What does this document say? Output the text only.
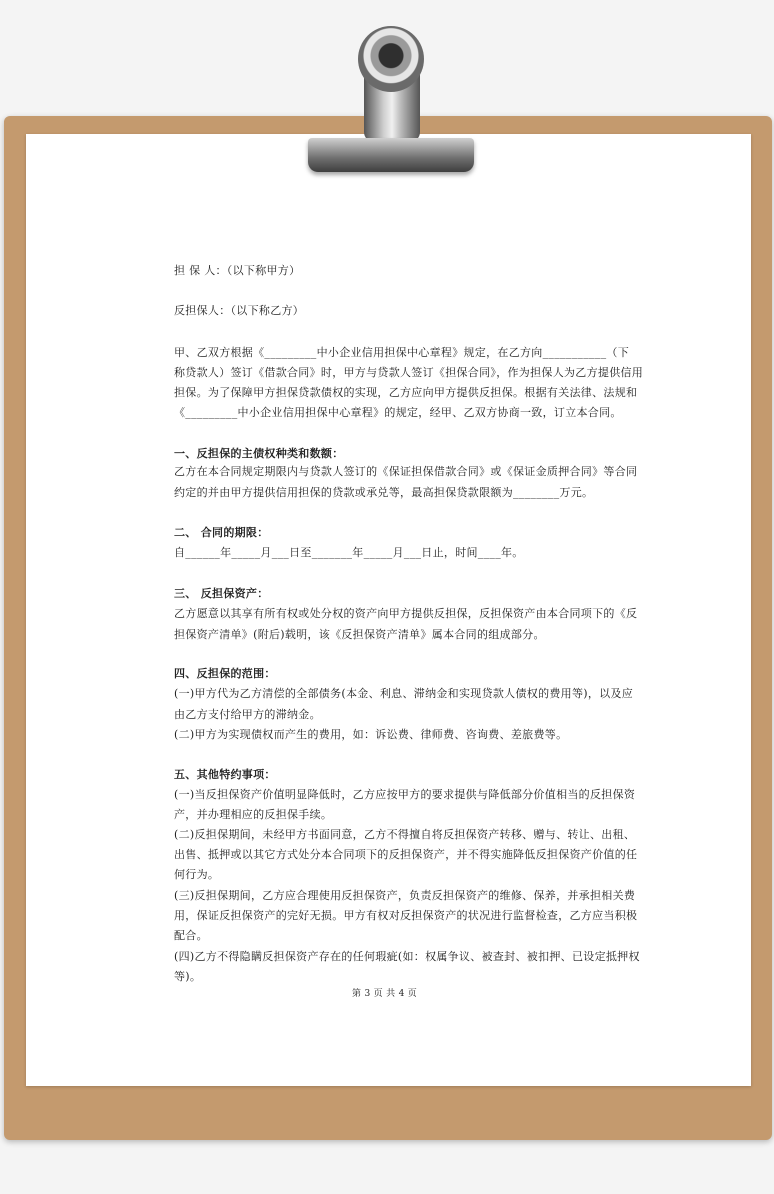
担 保 人：（以下称甲方）

反担保人：（以下称乙方）

甲、乙双方根据《_________中小企业信用担保中心章程》规定，在乙方向___________（下

称贷款人）签订《借款合同》时，甲方与贷款人签订《担保合同》，作为担保人为乙方提供信用

担保。为了保障甲方担保贷款债权的实现，乙方应向甲方提供反担保。根据有关法律、法规和

《_________中小企业信用担保中心章程》的规定，经甲、乙双方协商一致，订立本合同。

一、反担保的主债权种类和数额：

乙方在本合同规定期限内与贷款人签订的《保证担保借款合同》或《保证金质押合同》等合同

约定的并由甲方提供信用担保的贷款或承兑等，最高担保贷款限额为________万元。

二、 合同的期限：

自______年_____月___日至_______年_____月___日止，时间____年。

三、 反担保资产：

乙方愿意以其享有所有权或处分权的资产向甲方提供反担保，反担保资产由本合同项下的《反

担保资产清单》(附后)载明，该《反担保资产清单》属本合同的组成部分。

四、反担保的范围：

(一)甲方代为乙方清偿的全部债务(本金、利息、滞纳金和实现贷款人债权的费用等)，以及应

由乙方支付给甲方的滞纳金。

(二)甲方为实现债权而产生的费用，如：诉讼费、律师费、咨询费、差旅费等。

五、其他特约事项：

(一)当反担保资产价值明显降低时，乙方应按甲方的要求提供与降低部分价值相当的反担保资

产，并办理相应的反担保手续。

(二)反担保期间，未经甲方书面同意，乙方不得擅自将反担保资产转移、赠与、转让、出租、

出售、抵押或以其它方式处分本合同项下的反担保资产，并不得实施降低反担保资产价值的任

何行为。

(三)反担保期间，乙方应合理使用反担保资产，负责反担保资产的维修、保养，并承担相关费

用，保证反担保资产的完好无损。甲方有权对反担保资产的状况进行监督检查，乙方应当积极

配合。

(四)乙方不得隐瞒反担保资产存在的任何瑕疵(如：权属争议、被查封、被扣押、已设定抵押权

等)。

第 3 页 共 4 页
